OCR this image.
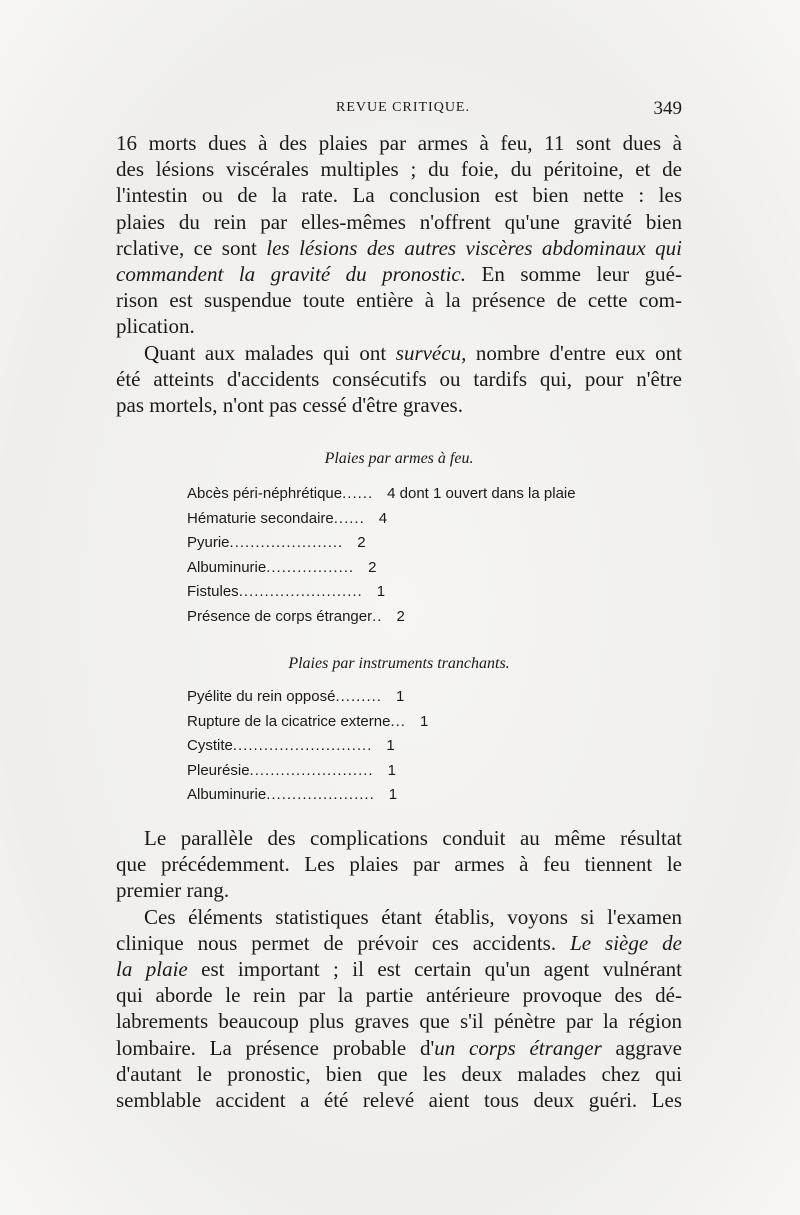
REVUE CRITIQUE.	349
16 morts dues à des plaies par armes à feu, 11 sont dues à
des lésions viscérales multiples ; du foie, du péritoine, et de
l'intestin ou de la rate. La conclusion est bien nette : les
plaies du rein par elles-mêmes n'offrent qu'une gravité bien
rclative, ce sont les lésions des autres viscères abdominaux qui
commandent la gravité du pronostic. En somme leur gué-
rison est suspendue toute entière à la présence de cette com-
plication.
Quant aux malades qui ont survécu, nombre d'entre eux ont
été atteints d'accidents consécutifs ou tardifs qui, pour n'être
pas mortels, n'ont pas cessé d'être graves.

Plaies par armes à feu.

Abcès péri-néphrétique ...... 4 dont 1 ouvert dans la plaie
Hématurie secondaire ...... 4
Pyurie ...................... 2
Albuminurie ................. 2
Fistules ........................ 1
Présence de corps étranger .. 2

Plaies par instruments tranchants.

Pyélite du rein opposé ......... 1
Rupture de la cicatrice externe ... 1
Cystite ........................... 1
Pleurésie ........................ 1
Albuminurie ..................... 1
Le parallèle des complications conduit au même résultat
que précédemment. Les plaies par armes à feu tiennent le
premier rang.
Ces éléments statistiques étant établis, voyons si l'examen
clinique nous permet de prévoir ces accidents. Le siège de
la plaie est important ; il est certain qu'un agent vulnérant
qui aborde le rein par la partie antérieure provoque des dé-
labrements beaucoup plus graves que s'il pénètre par la région
lombaire. La présence probable d'un corps étranger aggrave
d'autant le pronostic, bien que les deux malades chez qui
semblable accident a été relevé aient tous deux guéri. Les
